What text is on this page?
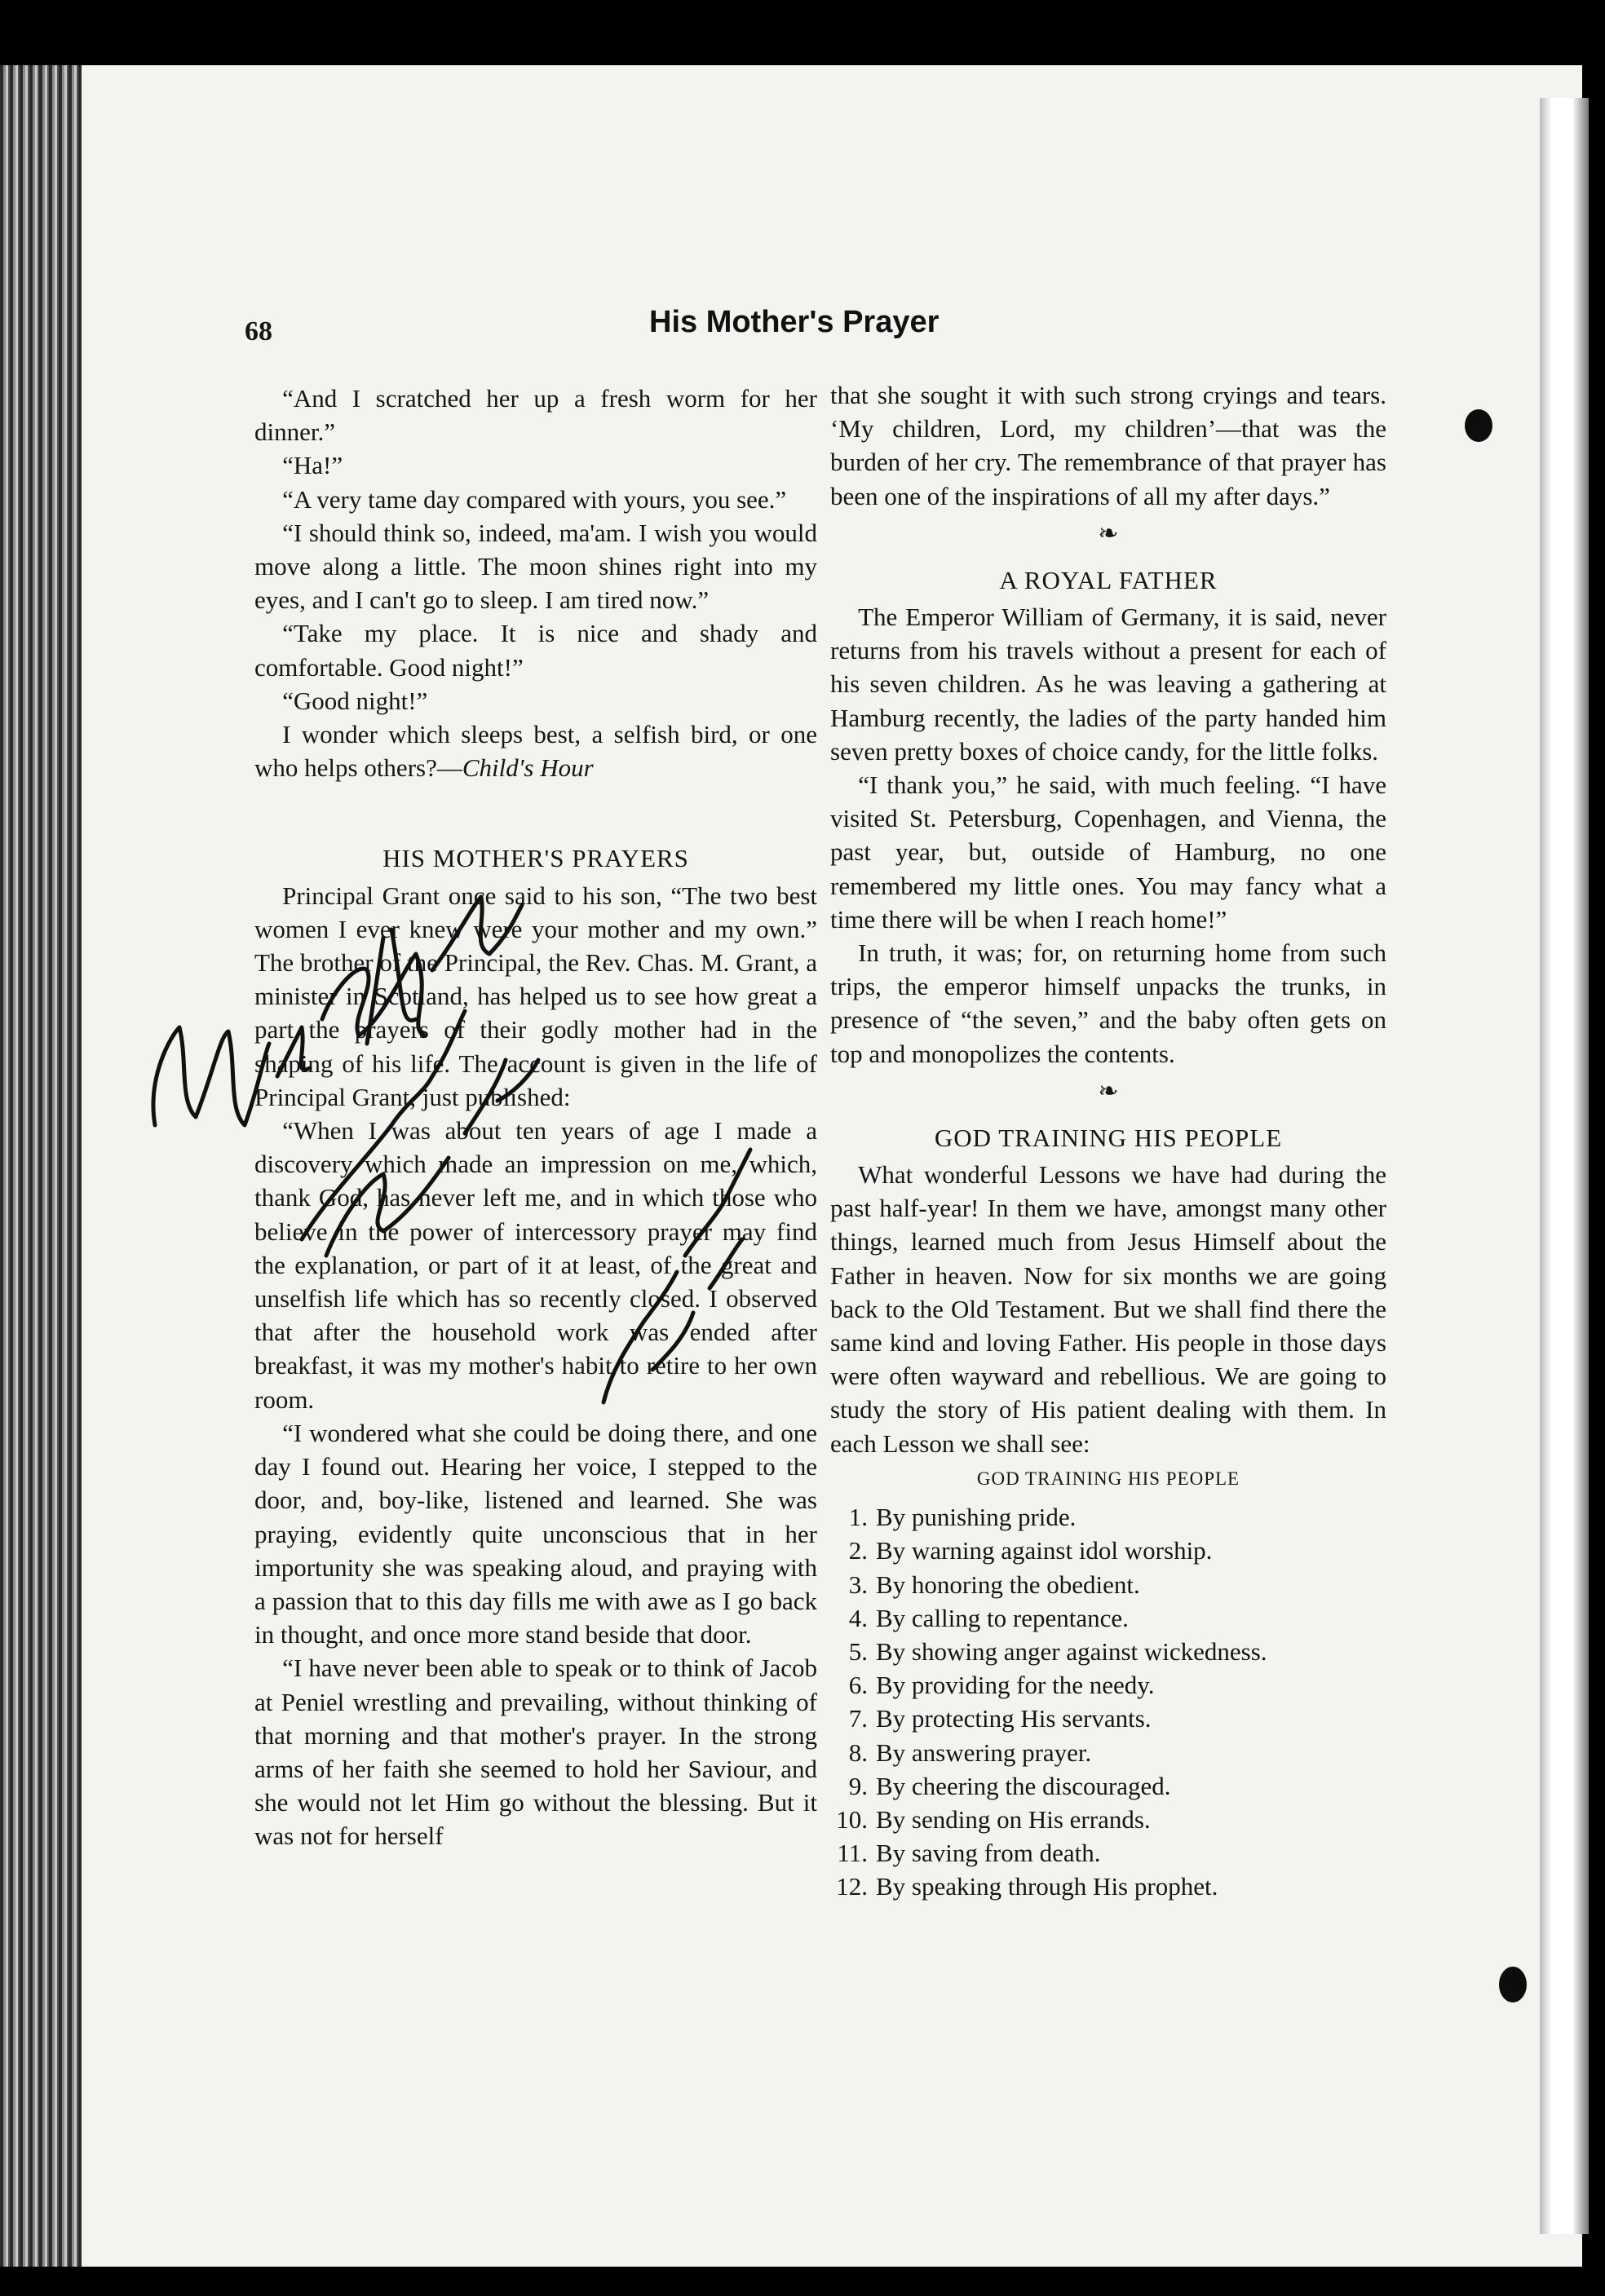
68	His Mother's Prayer

“And I scratched her up a fresh worm for her dinner.”

“Ha!”

“A very tame day compared with yours, you see.”

“I should think so, indeed, ma'am. I wish you would move along a little. The moon shines right into my eyes, and I can't go to sleep. I am tired now.”

“Take my place. It is nice and shady and comfortable. Good night!”

“Good night!”

I wonder which sleeps best, a selfish bird, or one who helps others?—Child's Hour

HIS MOTHER'S PRAYERS

Principal Grant once said to his son, “The two best women I ever knew were your mother and my own.” The brother of the Principal, the Rev. Chas. M. Grant, a minister in Scotland, has helped us to see how great a part the prayers of their godly mother had in the shaping of his life. The account is given in the life of Principal Grant, just published:

“When I was about ten years of age I made a discovery which made an impression on me, which, thank God, has never left me, and in which those who believe in the power of intercessory prayer may find the explanation, or part of it at least, of the great and unselfish life which has so recently closed. I observed that after the household work was ended after breakfast, it was my mother's habit to retire to her own room.

“I wondered what she could be doing there, and one day I found out. Hearing her voice, I stepped to the door, and, boy-like, listened and learned. She was praying, evidently quite unconscious that in her importunity she was speaking aloud, and praying with a passion that to this day fills me with awe as I go back in thought, and once more stand beside that door.

“I have never been able to speak or to think of Jacob at Peniel wrestling and prevailing, without thinking of that morning and that mother's prayer. In the strong arms of her faith she seemed to hold her Saviour, and she would not let Him go without the blessing. But it was not for herself

that she sought it with such strong cryings and tears. ‘My children, Lord, my children’—that was the burden of her cry. The remembrance of that prayer has been one of the inspirations of all my after days.”

❧
A ROYAL FATHER

The Emperor William of Germany, it is said, never returns from his travels without a present for each of his seven children. As he was leaving a gathering at Hamburg recently, the ladies of the party handed him seven pretty boxes of choice candy, for the little folks.

“I thank you,” he said, with much feeling. “I have visited St. Petersburg, Copenhagen, and Vienna, the past year, but, outside of Hamburg, no one remembered my little ones. You may fancy what a time there will be when I reach home!”

In truth, it was; for, on returning home from such trips, the emperor himself unpacks the trunks, in presence of “the seven,” and the baby often gets on top and monopolizes the contents.

❧
GOD TRAINING HIS PEOPLE

What wonderful Lessons we have had during the past half-year! In them we have, amongst many other things, learned much from Jesus Himself about the Father in heaven. Now for six months we are going back to the Old Testament. But we shall find there the same kind and loving Father. His people in those days were often wayward and rebellious. We are going to study the story of His patient dealing with them. In each Lesson we shall see:

GOD TRAINING HIS PEOPLE
1. By punishing pride.
2. By warning against idol worship.
3. By honoring the obedient.
4. By calling to repentance.
5. By showing anger against wickedness.
6. By providing for the needy.
7. By protecting His servants.
8. By answering prayer.
9. By cheering the discouraged.
10. By sending on His errands.
11. By saving from death.
12. By speaking through His prophet.
